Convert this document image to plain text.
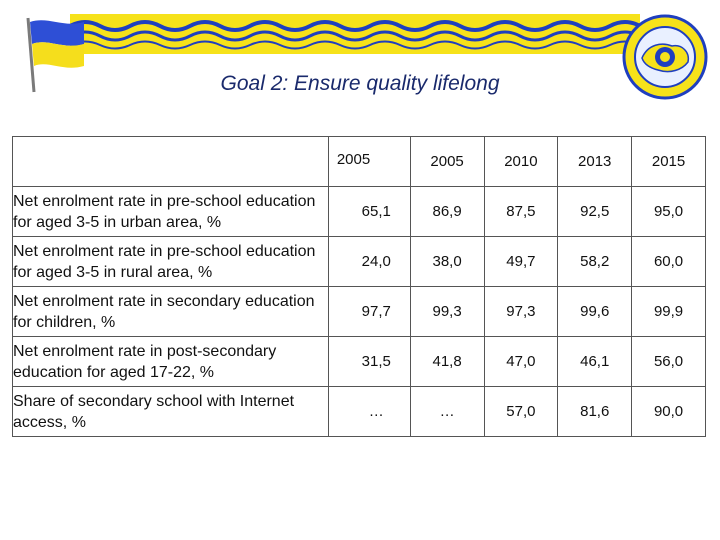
Goal 2: Ensure quality lifelong
	2005	2005	2010	2013	2015
Net enrolment rate in pre-school education for aged 3-5 in urban area, %	65,1	86,9	87,5	92,5	95,0
Net enrolment rate in pre-school education for aged 3-5 in rural area, %	24,0	38,0	49,7	58,2	60,0
Net enrolment rate in secondary education for children, %	97,7	99,3	97,3	99,6	99,9
Net enrolment rate in post-secondary education for aged 17-22, %	31,5	41,8	47,0	46,1	56,0
Share of secondary school with Internet access, %	…	…	57,0	81,6	90,0
